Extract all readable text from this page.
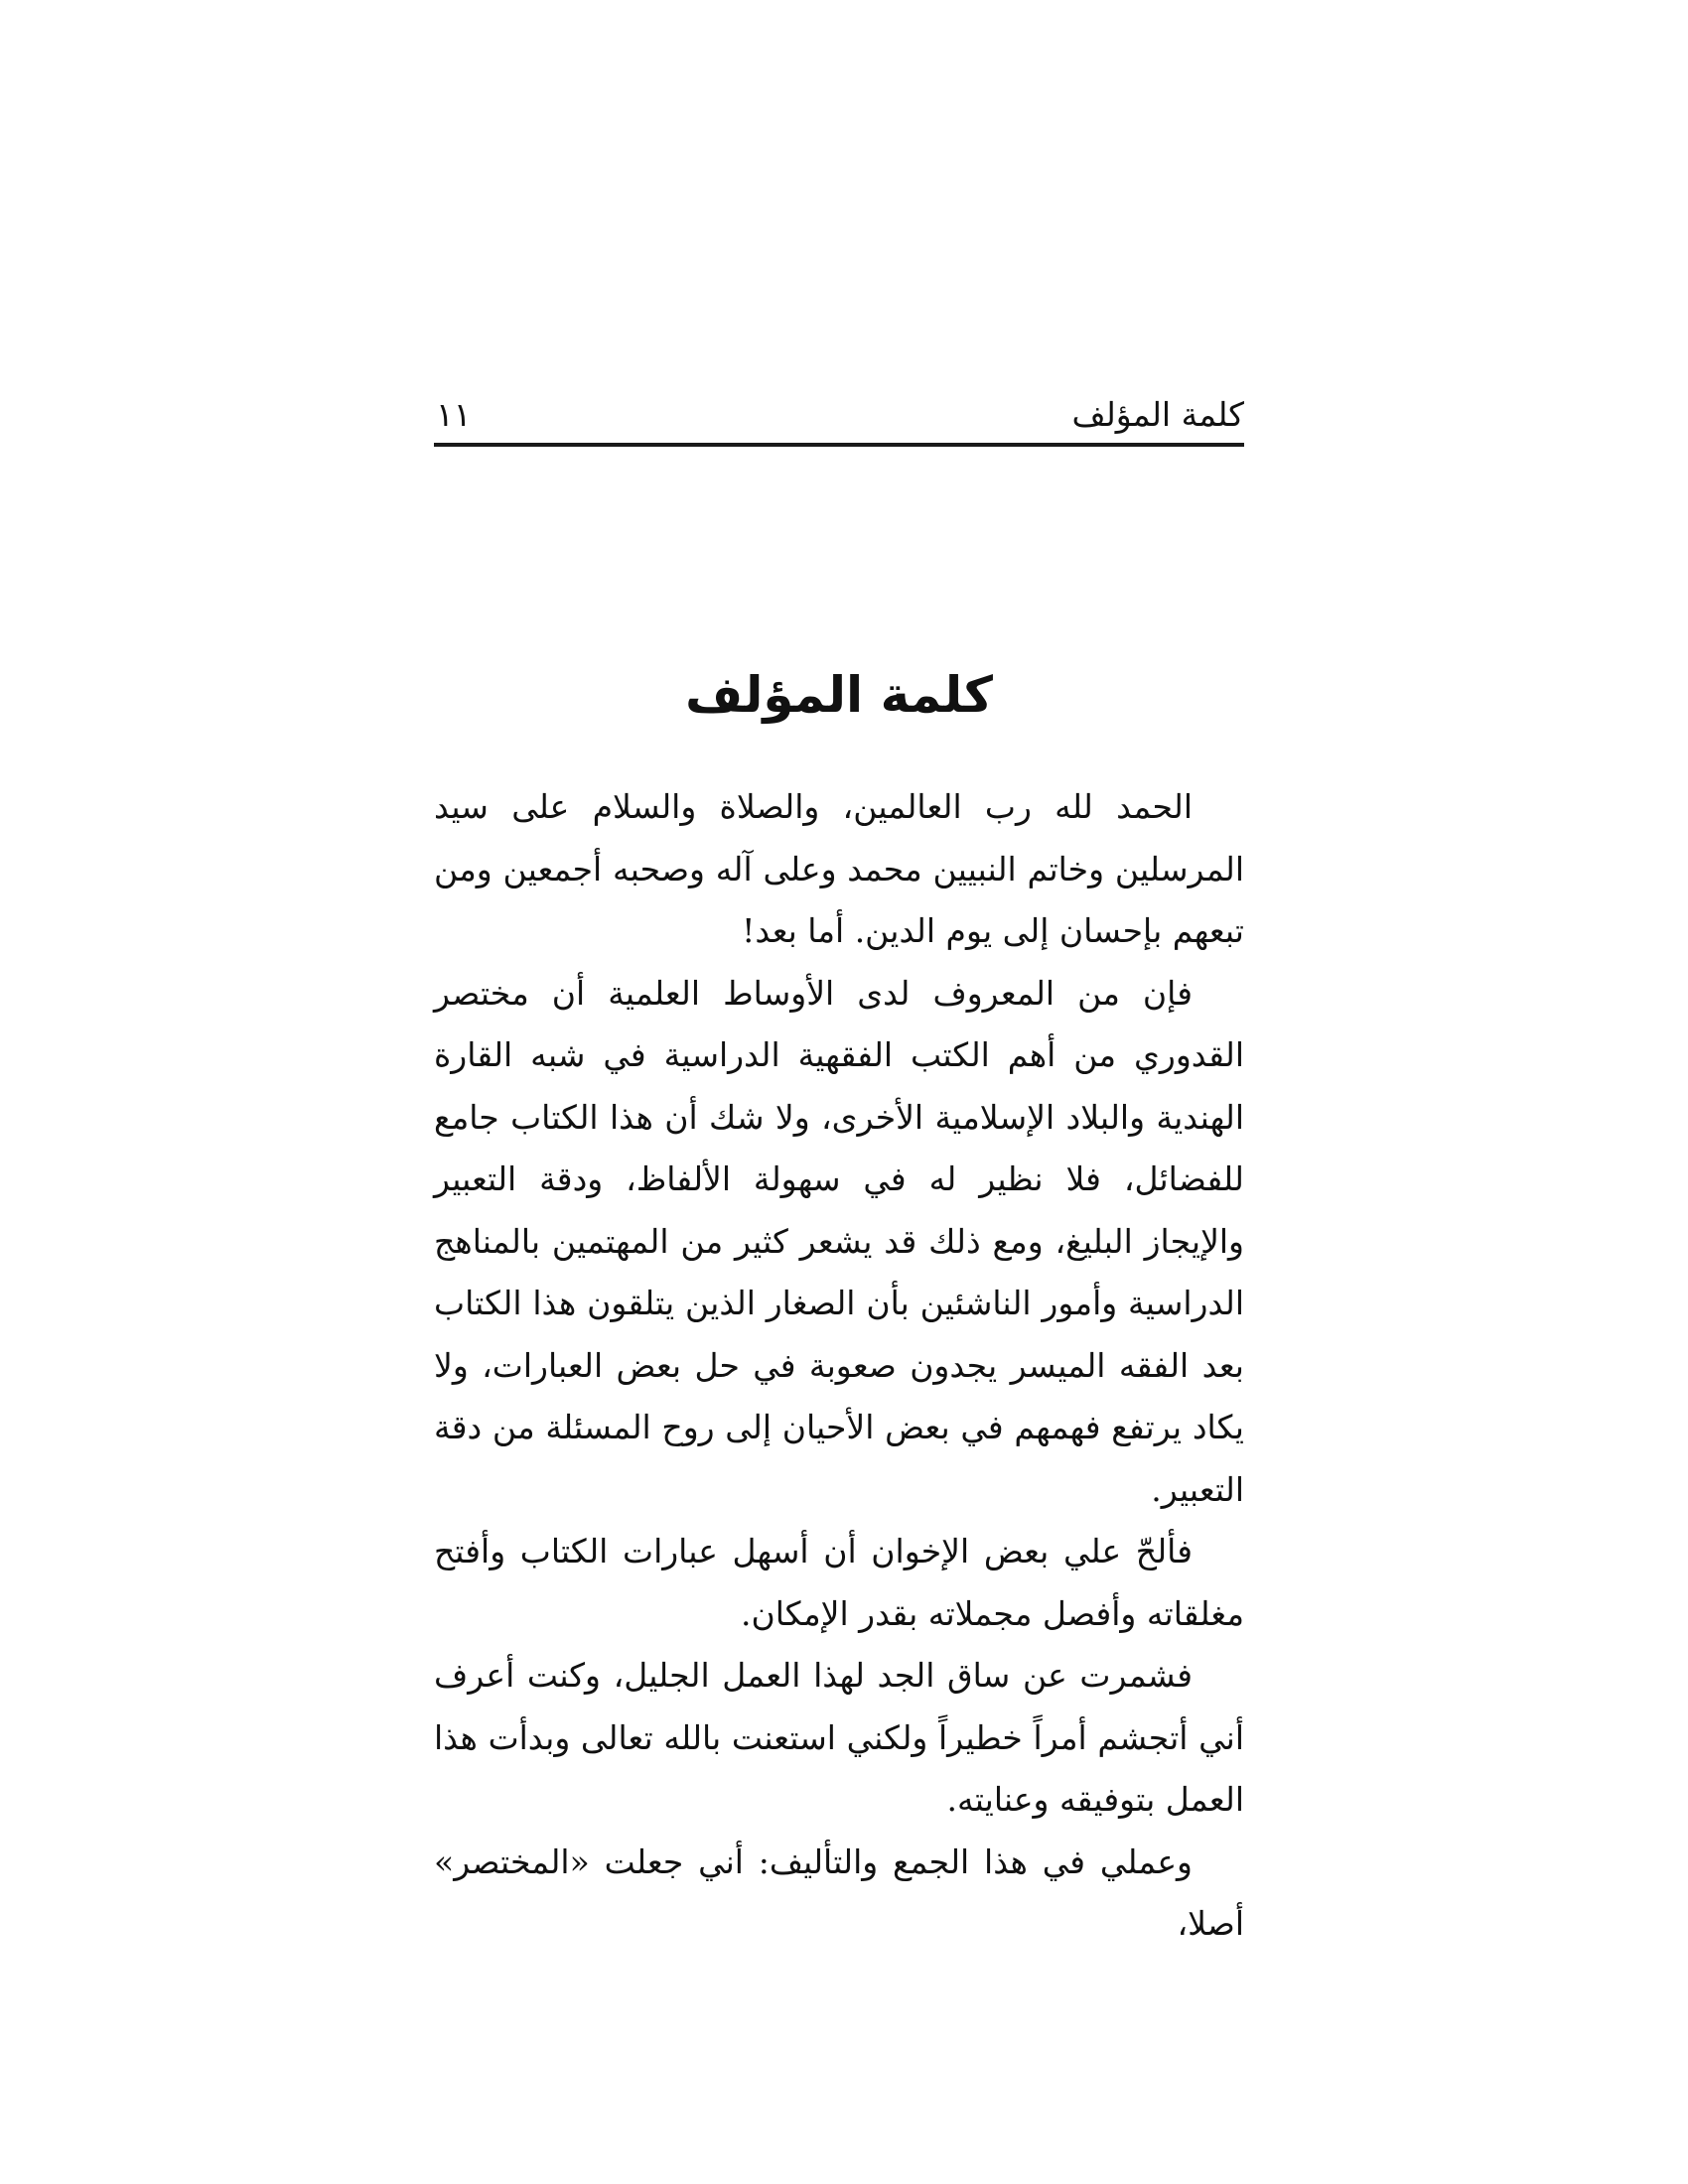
كلمة المؤلف
١١
كلمة المؤلف

الحمد لله رب العالمين، والصلاة والسلام على سيد المرسلين وخاتم النبيين محمد وعلى آله وصحبه أجمعين ومن تبعهم بإحسان إلى يوم الدين. أما بعد!

فإن من المعروف لدى الأوساط العلمية أن مختصر القدوري من أهم الكتب الفقهية الدراسية في شبه القارة الهندية والبلاد الإسلامية الأخرى، ولا شك أن هذا الكتاب جامع للفضائل، فلا نظير له في سهولة الألفاظ، ودقة التعبير والإيجاز البليغ، ومع ذلك قد يشعر كثير من المهتمين بالمناهج الدراسية وأمور الناشئين بأن الصغار الذين يتلقون هذا الكتاب بعد الفقه الميسر يجدون صعوبة في حل بعض العبارات، ولا يكاد يرتفع فهمهم في بعض الأحيان إلى روح المسئلة من دقة التعبير.

فألحّ علي بعض الإخوان أن أسهل عبارات الكتاب وأفتح مغلقاته وأفصل مجملاته بقدر الإمكان.

فشمرت عن ساق الجد لهذا العمل الجليل، وكنت أعرف أني أتجشم أمراً خطيراً ولكني استعنت بالله تعالى وبدأت هذا العمل بتوفيقه وعنايته.

وعملي في هذا الجمع والتأليف: أني جعلت «المختصر» أصلا،
